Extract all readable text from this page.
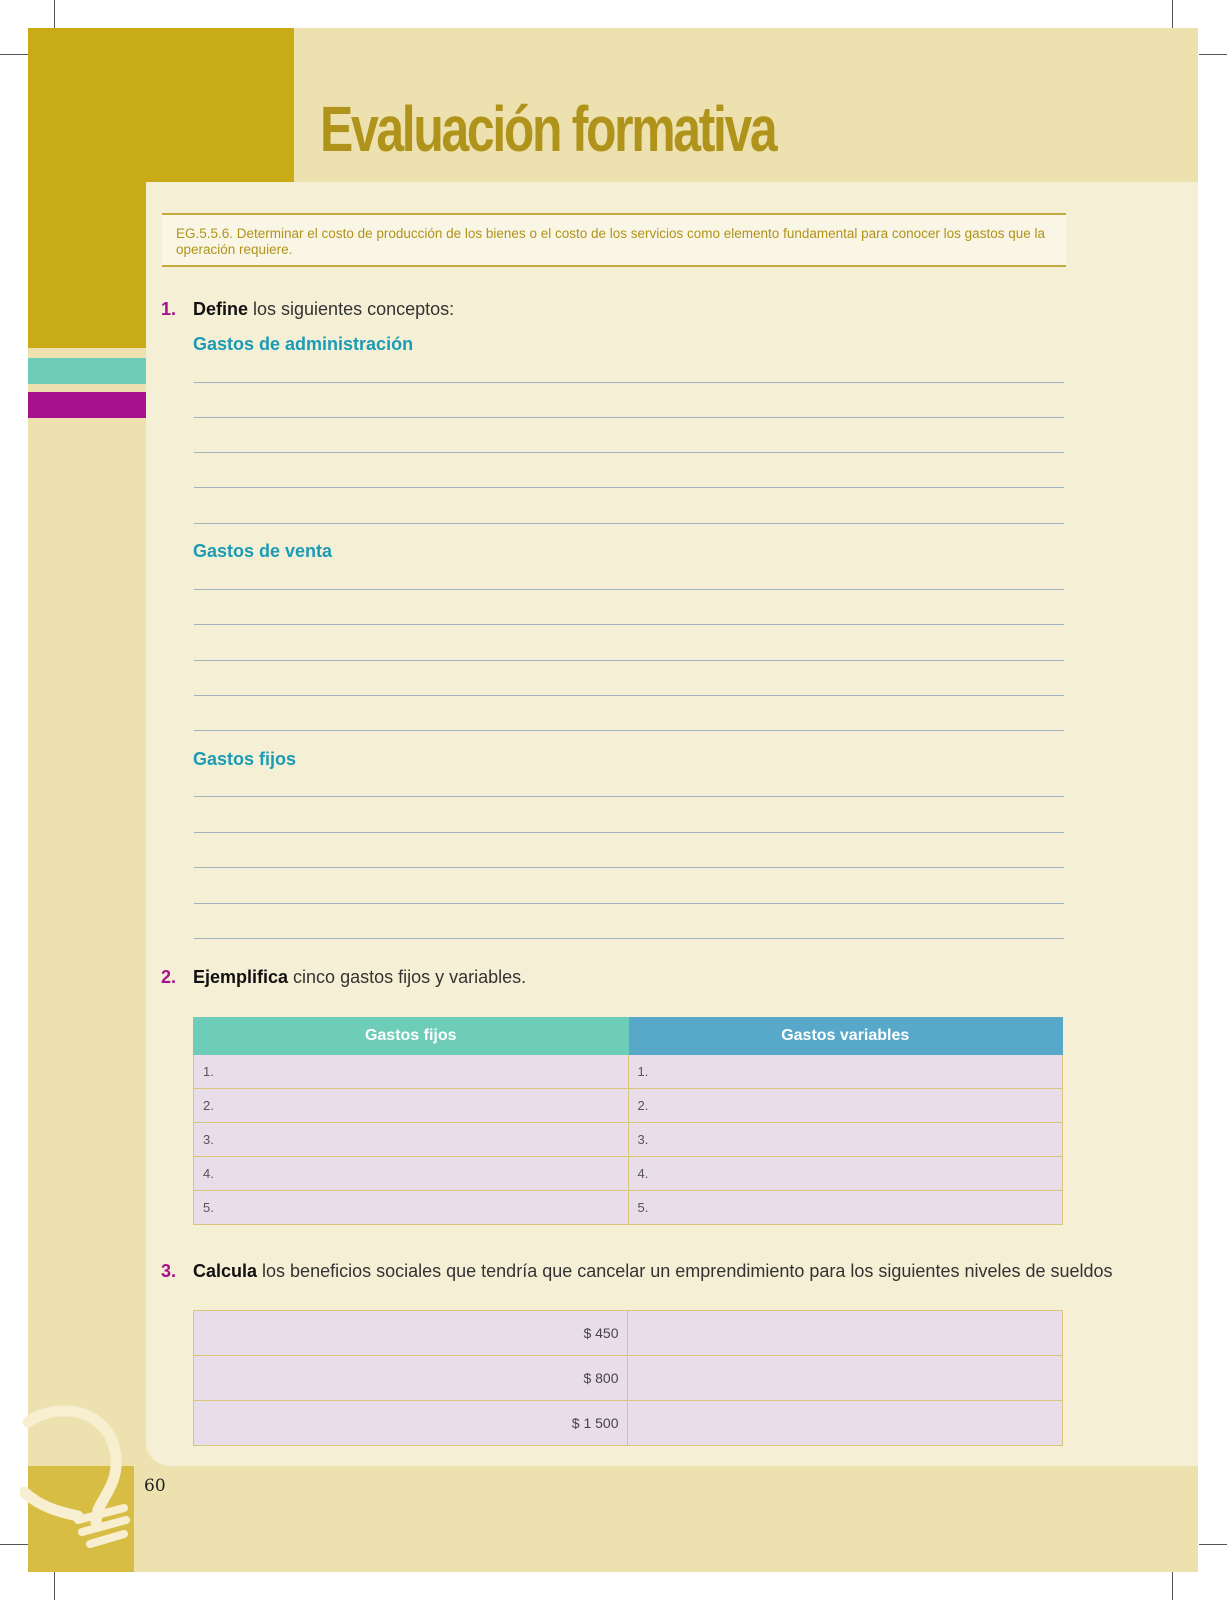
Evaluación formativa
60
EG.5.5.6. Determinar el costo de producción de los bienes o el costo de los servicios como elemento fundamental para conocer los gastos que la operación requiere.
1. Define los siguientes conceptos:
Gastos de administración
Gastos de venta
Gastos fijos
2. Ejemplifica cinco gastos fijos y variables.
Gastos fijos	Gastos variables
1.	1.
2.	2.
3.	3.
4.	4.
5.	5.
3. Calcula los beneficios sociales que tendría que cancelar un emprendimiento para los siguientes niveles de sueldos
$ 450	
$ 800	
$ 1 500	
